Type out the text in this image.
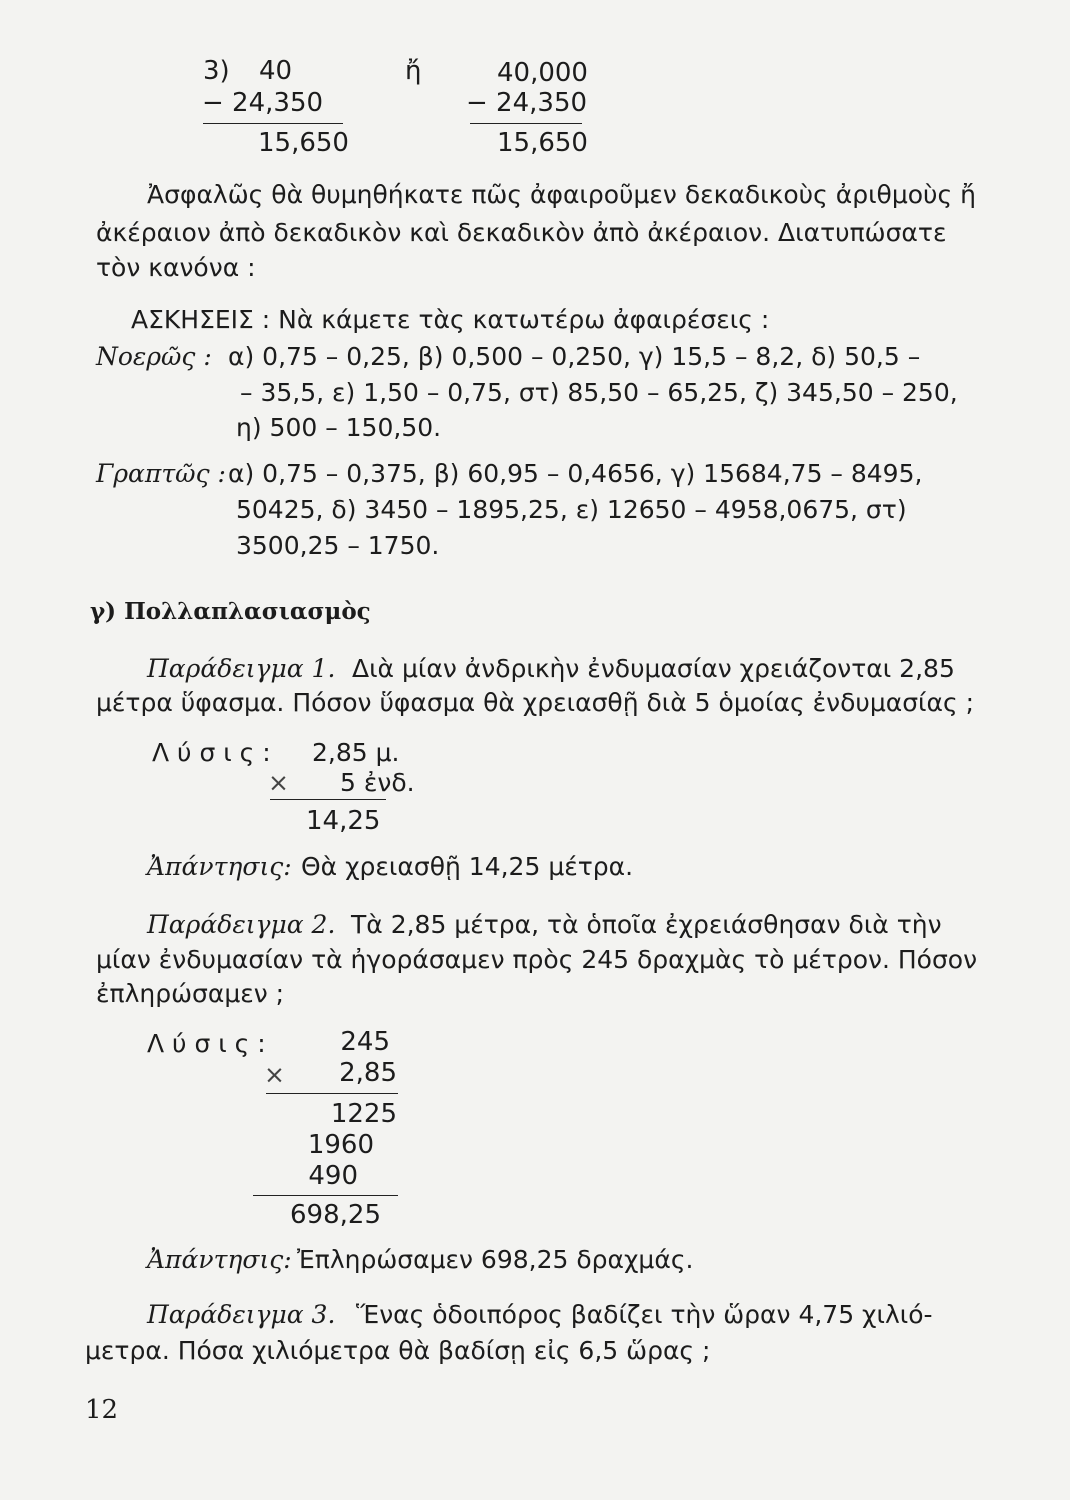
3) 40
− 24,350
15,650
ἤ	40,000
− 24,350
15,650
Ἀσφαλῶς θὰ θυμηθήκατε πῶς ἀφαιροῦμεν δεκαδικοὺς ἀριθμοὺς ἤ
ἀκέραιον ἀπὸ δεκαδικὸν καὶ δεκαδικὸν ἀπὸ ἀκέραιον. Διατυπώσατε
τὸν κανόνα :
ΑΣΚΗΣΕΙΣ : Νὰ κάμετε τὰς κατωτέρω ἀφαιρέσεις :
Νοερῶς : α) 0,75 – 0,25, β) 0,500 – 0,250, γ) 15,5 – 8,2, δ) 50,5 –
– 35,5, ε) 1,50 – 0,75, στ) 85,50 – 65,25, ζ) 345,50 – 250,
η) 500 – 150,50.
Γραπτῶς : α) 0,75 – 0,375, β) 60,95 – 0,4656, γ) 15684,75 – 8495,
50425, δ) 3450 – 1895,25, ε) 12650 – 4958,0675, στ)
3500,25 – 1750.
γ) Πολλαπλασιασμὸς
Παράδειγμα 1. Διὰ μίαν ἀνδρικὴν ἐνδυμασίαν χρειάζονται 2,85
μέτρα ὕφασμα. Πόσον ὕφασμα θὰ χρειασθῇ διὰ 5 ὁμοίας ἐνδυμασίας ;
Λ ύ σ ι ς : 2,85 μ.
× 5 ἐνδ.
14,25
Ἀπάντησις: Θὰ χρειασθῇ 14,25 μέτρα.
Παράδειγμα 2. Τὰ 2,85 μέτρα, τὰ ὁποῖα ἐχρειάσθησαν διὰ τὴν
μίαν ἐνδυμασίαν τὰ ἠγοράσαμεν πρὸς 245 δραχμὰς τὸ μέτρον. Πόσον
ἐπληρώσαμεν ;
Λ ύ σ ι ς :	245
×	2,85
1225
1960
490
698,25
Ἀπάντησις: Ἐπληρώσαμεν 698,25 δραχμάς.
Παράδειγμα 3. Ἕνας ὁδοιπόρος βαδίζει τὴν ὥραν 4,75 χιλιό-
μετρα. Πόσα χιλιόμετρα θὰ βαδίσῃ εἰς 6,5 ὥρας ;
12
